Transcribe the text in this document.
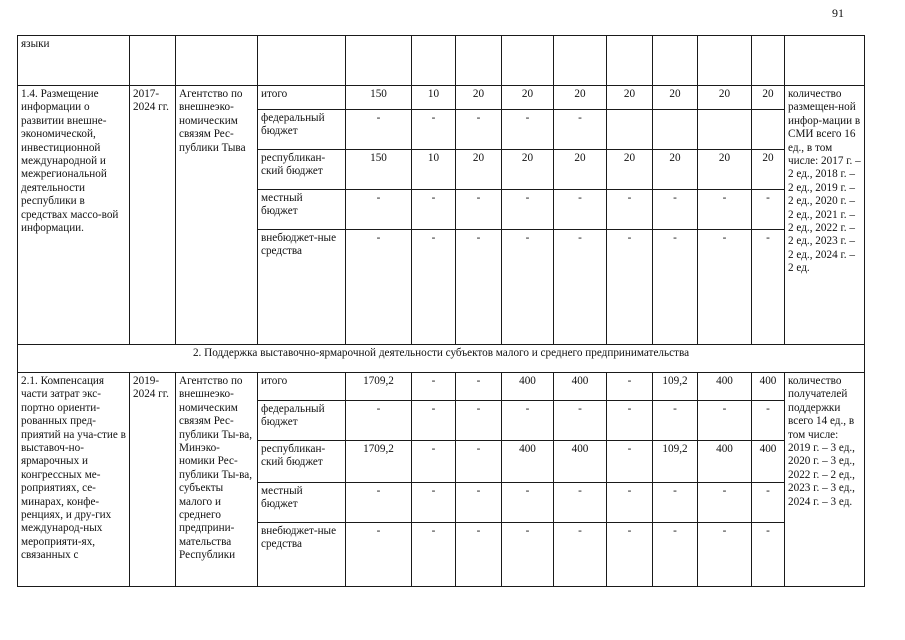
91
языки													
1.4. Размещение информации о развитии внешне-экономической, инвестиционной международной и межрегиональной деятельности республики в средствах массо-вой информации.	2017-2024 гг.	Агентство по внешнеэко-номическим связям Рес-публики Тыва	итого	150	10	20	20	20	20	20	20	20	количество размещен-ной инфор-мации в СМИ всего 16 ед., в том числе: 2017 г. – 2 ед., 2018 г. – 2 ед., 2019 г. – 2 ед., 2020 г. – 2 ед., 2021 г. – 2 ед., 2022 г. – 2 ед., 2023 г. – 2 ед., 2024 г. – 2 ед.
			федеральный бюджет	-	-	-	-	-					
			республикан-ский бюджет	150	10	20	20	20	20	20	20	20	
			местный бюджет	-	-	-	-	-	-	-	-	-	
			внебюджет-ные средства	-	-	-	-	-	-	-	-	-	
2. Поддержка выставочно-ярмарочной деятельности субъектов малого и среднего предпринимательства													
2.1. Компенсация части затрат экс-портно ориенти-рованных пред-приятий на уча-стие в выставоч-но-ярмарочных и конгрессных ме-роприятиях, се-минарах, конфе-ренциях, и дру-гих международ-ных мероприяти-ях, связанных с	2019-2024 гг.	Агентство по внешнеэко-номическим связям Рес-публики Ты-ва, Минэко-номики Рес-публики Ты-ва, субъекты малого и среднего предприни-мательства Республики	итого	1709,2	-	-	400	400	-	109,2	400	400	количество получателей поддержки всего 14 ед., в том числе: 2019 г. – 3 ед., 2020 г. – 3 ед., 2022 г. – 2 ед., 2023 г. – 3 ед., 2024 г. – 3 ед.
			федеральный бюджет	-	-	-	-	-	-	-	-	-	
			республикан-ский бюджет	1709,2	-	-	400	400	-	109,2	400	400	
			местный бюджет	-	-	-	-	-	-	-	-	-	
			внебюджет-ные средства	-	-	-	-	-	-	-	-	-	
